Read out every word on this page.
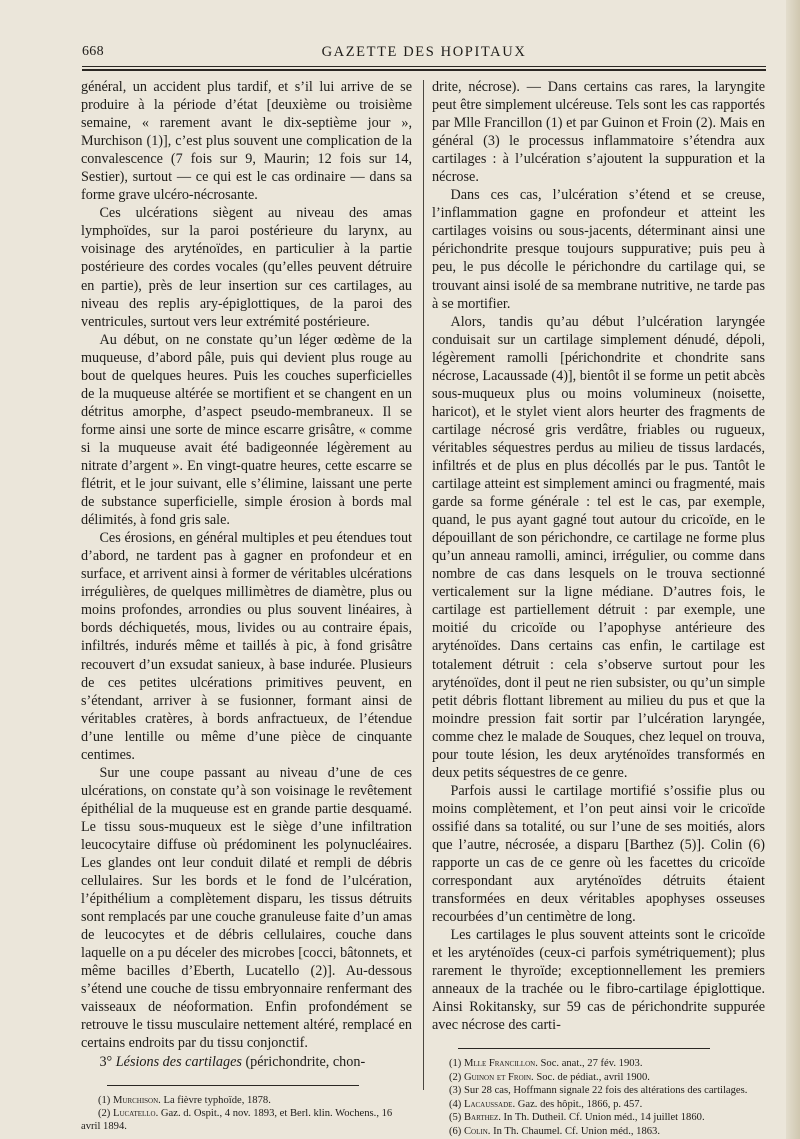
668	GAZETTE DES HOPITAUX

général, un accident plus tardif, et s’il lui arrive de se produire à la période d’état [deuxième ou troisième semaine, « rarement avant le dix-septième jour », Murchison (1)], c’est plus souvent une complication de la convalescence (7 fois sur 9, Maurin; 12 fois sur 14, Sestier), surtout — ce qui est le cas ordinaire — dans sa forme grave ulcéro-nécrosante.

Ces ulcérations siègent au niveau des amas lymphoïdes, sur la paroi postérieure du larynx, au voisinage des aryténoïdes, en particulier à la partie postérieure des cordes vocales (qu’elles peuvent détruire en partie), près de leur insertion sur ces cartilages, au niveau des replis ary-épiglottiques, de la paroi des ventricules, surtout vers leur extrémité postérieure.

Au début, on ne constate qu’un léger œdème de la muqueuse, d’abord pâle, puis qui devient plus rouge au bout de quelques heures. Puis les couches superficielles de la muqueuse altérée se mortifient et se changent en un détritus amorphe, d’aspect pseudo-membraneux. Il se forme ainsi une sorte de mince escarre grisâtre, « comme si la muqueuse avait été badigeonnée légèrement au nitrate d’argent ». En vingt-quatre heures, cette escarre se flétrit, et le jour suivant, elle s’élimine, laissant une perte de substance superficielle, simple érosion à bords mal délimités, à fond gris sale.

Ces érosions, en général multiples et peu étendues tout d’abord, ne tardent pas à gagner en profondeur et en surface, et arrivent ainsi à former de véritables ulcérations irrégulières, de quelques millimètres de diamètre, plus ou moins profondes, arrondies ou plus souvent linéaires, à bords déchiquetés, mous, livides ou au contraire épais, infiltrés, indurés même et taillés à pic, à fond grisâtre recouvert d’un exsudat sanieux, à base indurée. Plusieurs de ces petites ulcérations primitives peuvent, en s’étendant, arriver à se fusionner, formant ainsi de véritables cratères, à bords anfractueux, de l’étendue d’une lentille ou même d’une pièce de cinquante centimes.

Sur une coupe passant au niveau d’une de ces ulcérations, on constate qu’à son voisinage le revêtement épithélial de la muqueuse est en grande partie desquamé. Le tissu sous-muqueux est le siège d’une infiltration leucocytaire diffuse où prédominent les polynucléaires. Les glandes ont leur conduit dilaté et rempli de débris cellulaires. Sur les bords et le fond de l’ulcération, l’épithélium a complètement disparu, les tissus détruits sont remplacés par une couche granuleuse faite d’un amas de leucocytes et de débris cellulaires, couche dans laquelle on a pu déceler des microbes [cocci, bâtonnets, et même bacilles d’Eberth, Lucatello (2)]. Au-dessous s’étend une couche de tissu embryonnaire renfermant des vaisseaux de néoformation. Enfin profondément se retrouve le tissu musculaire nettement altéré, remplacé en certains endroits par du tissu conjonctif.

3° Lésions des cartilages (périchondrite, chon-

(1) Murchison. La fièvre typhoïde, 1878.

(2) Lucatello. Gaz. d. Ospit., 4 nov. 1893, et Berl. klin. Wochens., 16 avril 1894.

drite, nécrose). — Dans certains cas rares, la laryngite peut être simplement ulcéreuse. Tels sont les cas rapportés par Mlle Francillon (1) et par Guinon et Froin (2). Mais en général (3) le processus inflammatoire s’étendra aux cartilages : à l’ulcération s’ajoutent la suppuration et la nécrose.

Dans ces cas, l’ulcération s’étend et se creuse, l’inflammation gagne en profondeur et atteint les cartilages voisins ou sous-jacents, déterminant ainsi une périchondrite presque toujours suppurative; puis peu à peu, le pus décolle le périchondre du cartilage qui, se trouvant ainsi isolé de sa membrane nutritive, ne tarde pas à se mortifier.

Alors, tandis qu’au début l’ulcération laryngée conduisait sur un cartilage simplement dénudé, dépoli, légèrement ramolli [périchondrite et chondrite sans nécrose, Lacaussade (4)], bientôt il se forme un petit abcès sous-muqueux plus ou moins volumineux (noisette, haricot), et le stylet vient alors heurter des fragments de cartilage nécrosé gris verdâtre, friables ou rugueux, véritables séquestres perdus au milieu de tissus lardacés, infiltrés et de plus en plus décollés par le pus. Tantôt le cartilage atteint est simplement aminci ou fragmenté, mais garde sa forme générale : tel est le cas, par exemple, quand, le pus ayant gagné tout autour du cricoïde, en le dépouillant de son périchondre, ce cartilage ne forme plus qu’un anneau ramolli, aminci, irrégulier, ou comme dans nombre de cas dans lesquels on le trouva sectionné verticalement sur la ligne médiane. D’autres fois, le cartilage est partiellement détruit : par exemple, une moitié du cricoïde ou l’apophyse antérieure des aryténoïdes. Dans certains cas enfin, le cartilage est totalement détruit : cela s’observe surtout pour les aryténoïdes, dont il peut ne rien subsister, ou qu’un simple petit débris flottant librement au milieu du pus et que la moindre pression fait sortir par l’ulcération laryngée, comme chez le malade de Souques, chez lequel on trouva, pour toute lésion, les deux aryténoïdes transformés en deux petits séquestres de ce genre.

Parfois aussi le cartilage mortifié s’ossifie plus ou moins complètement, et l’on peut ainsi voir le cricoïde ossifié dans sa totalité, ou sur l’une de ses moitiés, alors que l’autre, nécrosée, a disparu [Barthez (5)]. Colin (6) rapporte un cas de ce genre où les facettes du cricoïde correspondant aux aryténoïdes détruits étaient transformées en deux véritables apophyses osseuses recourbées d’un centimètre de long.

Les cartilages le plus souvent atteints sont le cricoïde et les aryténoïdes (ceux-ci parfois symétriquement); plus rarement le thyroïde; exceptionnellement les premiers anneaux de la trachée ou le fibro-cartilage épiglottique. Ainsi Rokitansky, sur 59 cas de périchondrite suppurée avec nécrose des carti-

(1) Mlle Francillon. Soc. anat., 27 fév. 1903.

(2) Guinon et Froin. Soc. de pédiat., avril 1900.

(3) Sur 28 cas, Hoffmann signale 22 fois des altérations des cartilages.

(4) Lacaussade. Gaz. des hôpit., 1866, p. 457.

(5) Barthez. In Th. Dutheil. Cf. Union méd., 14 juillet 1860.

(6) Colin. In Th. Chaumel. Cf. Union méd., 1863.
